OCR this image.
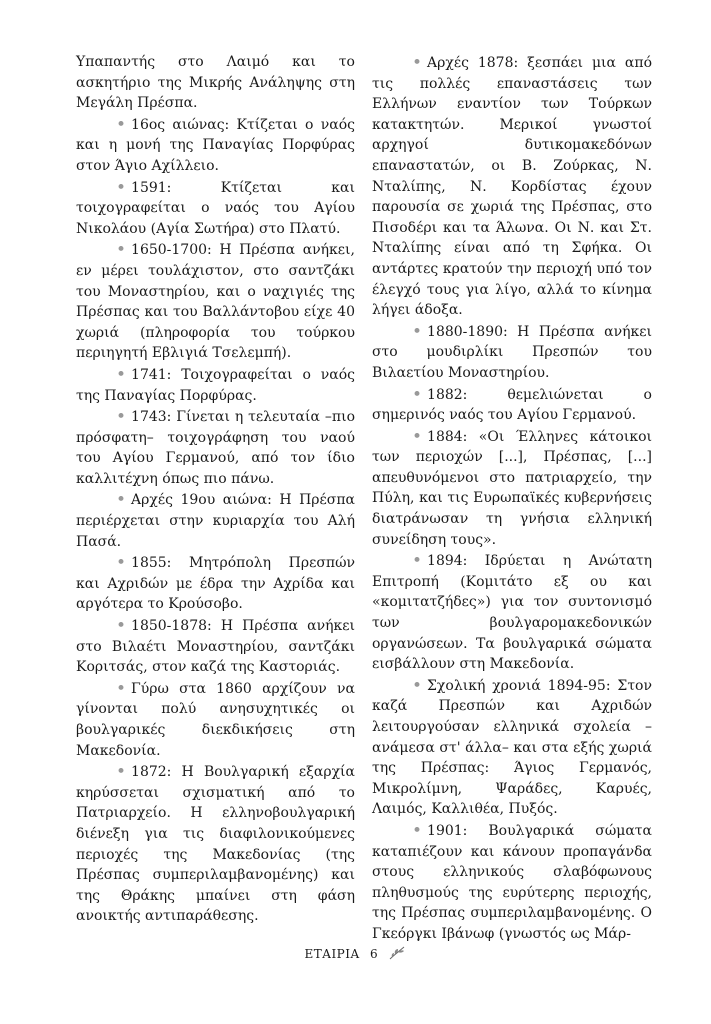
Υπαπαντής στο Λαιμό και το ασκητήριο της Μικρής Ανάληψης στη Μεγάλη Πρέσπα.

• 16ος αιώνας: Κτίζεται ο ναός και η μονή της Παναγίας Πορφύρας στον Άγιο Αχίλλειο.

• 1591: Κτίζεται και τοιχογραφείται ο ναός του Αγίου Νικολάου (Αγία Σωτήρα) στο Πλατύ.

• 1650-1700: Η Πρέσπα ανήκει, εν μέρει τουλάχιστον, στο σαντζάκι του Μοναστηρίου, και ο ναχιγιές της Πρέσπας και του Βαλλάντοβου είχε 40 χωριά (πληροφορία του τούρκου περιηγητή Εβλιγιά Τσελεμπή).

• 1741: Τοιχογραφείται ο ναός της Παναγίας Πορφύρας.

• 1743: Γίνεται η τελευταία –πιο πρόσφατη– τοιχογράφηση του ναού του Αγίου Γερμανού, από τον ίδιο καλλιτέχνη όπως πιο πάνω.

• Αρχές 19ου αιώνα: Η Πρέσπα περιέρχεται στην κυριαρχία του Αλή Πασά.

• 1855: Μητρόπολη Πρεσπών και Αχριδών με έδρα την Αχρίδα και αργότερα το Κρούσοβο.

• 1850-1878: Η Πρέσπα ανήκει στο Βιλαέτι Μοναστηρίου, σαντζάκι Κοριτσάς, στον καζά της Καστοριάς.

• Γύρω στα 1860 αρχίζουν να γίνονται πολύ ανησυχητικές οι βουλγαρικές διεκδικήσεις στη Μακεδονία.

• 1872: Η Βουλγαρική εξαρχία κηρύσσεται σχισματική από το Πατριαρχείο. Η ελληνοβουλγαρική διένεξη για τις διαφιλονικούμενες περιοχές της Μακεδονίας (της Πρέσπας συμπεριλαμβανομένης) και της Θράκης μπαίνει στη φάση ανοικτής αντιπαράθεσης.

• Αρχές 1878: ξεσπάει μια από τις πολλές επαναστάσεις των Ελλήνων εναντίον των Τούρκων κατακτητών. Μερικοί γνωστοί αρχηγοί δυτικομακεδόνων επαναστατών, οι Β. Ζούρκας, Ν. Νταλίπης, Ν. Κορδίστας έχουν παρουσία σε χωριά της Πρέσπας, στο Πισοδέρι και τα Άλωνα. Οι Ν. και Στ. Νταλίπης είναι από τη Σφήκα. Οι αντάρτες κρατούν την περιοχή υπό τον έλεγχό τους για λίγο, αλλά το κίνημα λήγει άδοξα.

• 1880-1890: Η Πρέσπα ανήκει στο μουδιρλίκι Πρεσπών του Βιλαετίου Μοναστηρίου.

• 1882: θεμελιώνεται ο σημερινός ναός του Αγίου Γερμανού.

• 1884: «Οι Έλληνες κάτοικοι των περιοχών [...], Πρέσπας, [...] απευθυνόμενοι στο πατριαρχείο, την Πύλη, και τις Ευρωπαϊκές κυβερνήσεις διατράνωσαν τη γνήσια ελληνική συνείδηση τους».

• 1894: Ιδρύεται η Ανώτατη Επιτροπή (Κομιτάτο εξ ου και «κομιτατζήδες») για τον συντονισμό των βουλγαρομακεδονικών οργανώσεων. Τα βουλγαρικά σώματα εισβάλλουν στη Μακεδονία.

• Σχολική χρονιά 1894-95: Στον καζά Πρεσπών και Αχριδών λειτουργούσαν ελληνικά σχολεία –ανάμεσα στ' άλλα– και στα εξής χωριά της Πρέσπας: Άγιος Γερμανός, Μικρολίμνη, Ψαράδες, Καρυές, Λαιμός, Καλλιθέα, Πυξός.

• 1901: Βουλγαρικά σώματα καταπιέζουν και κάνουν προπαγάνδα στους ελληνικούς σλαβόφωνους πληθυσμούς της ευρύτερης περιοχής, της Πρέσπας συμπεριλαμβανομένης. Ο Γκεόργκι Ιβάνωφ (γνωστός ως Μάρ-

ΕΤΑΙΡΙΑ 6
